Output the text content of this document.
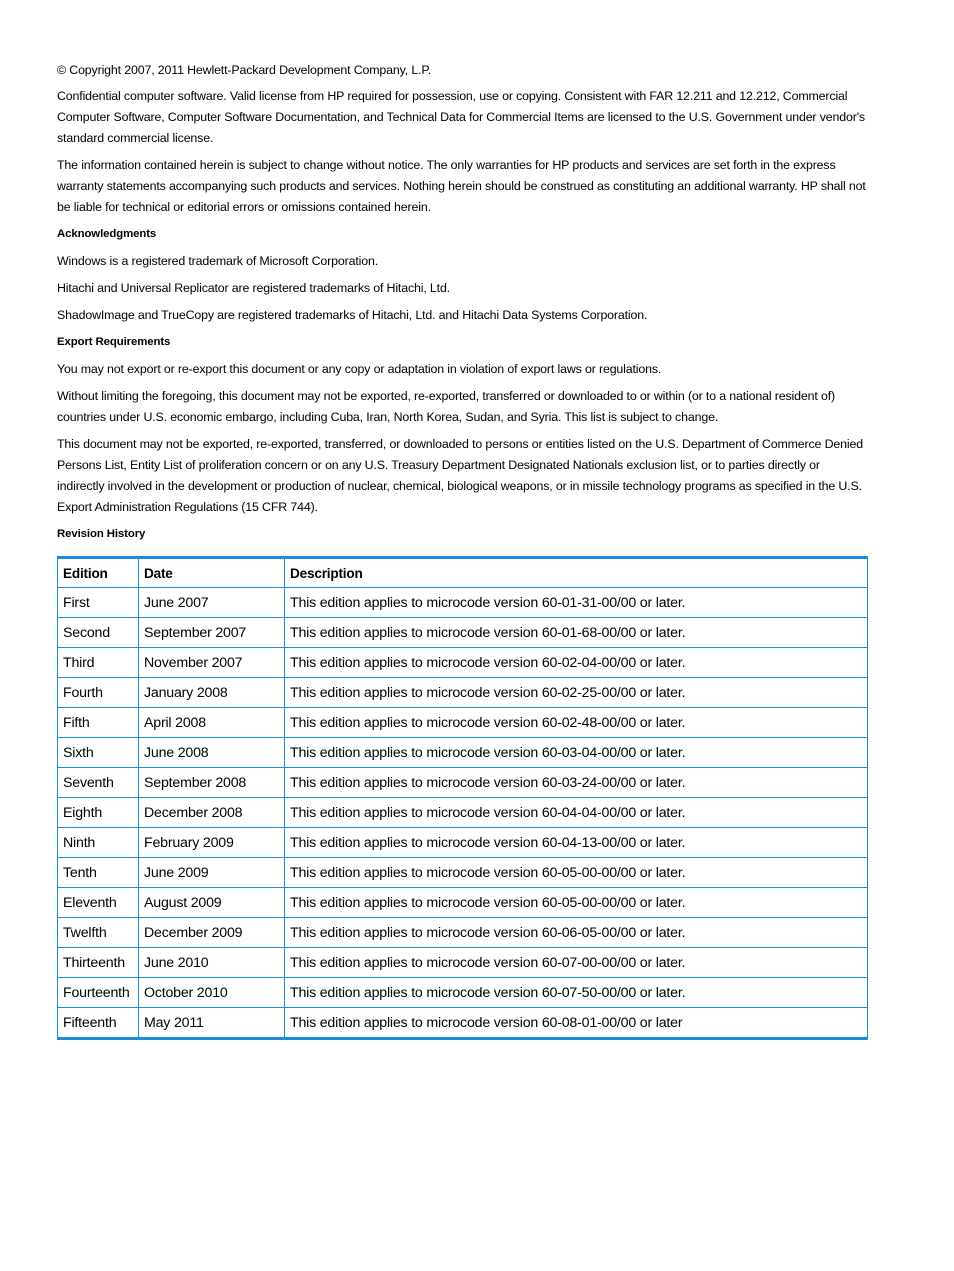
© Copyright 2007, 2011 Hewlett-Packard Development Company, L.P.

Confidential computer software. Valid license from HP required for possession, use or copying. Consistent with FAR 12.211 and 12.212, Commercial Computer Software, Computer Software Documentation, and Technical Data for Commercial Items are licensed to the U.S. Government under vendor's standard commercial license.

The information contained herein is subject to change without notice. The only warranties for HP products and services are set forth in the express warranty statements accompanying such products and services. Nothing herein should be construed as constituting an additional warranty. HP shall not be liable for technical or editorial errors or omissions contained herein.

Acknowledgments

Windows is a registered trademark of Microsoft Corporation.

Hitachi and Universal Replicator are registered trademarks of Hitachi, Ltd.

ShadowImage and TrueCopy are registered trademarks of Hitachi, Ltd. and Hitachi Data Systems Corporation.

Export Requirements

You may not export or re-export this document or any copy or adaptation in violation of export laws or regulations.

Without limiting the foregoing, this document may not be exported, re-exported, transferred or downloaded to or within (or to a national resident of) countries under U.S. economic embargo, including Cuba, Iran, North Korea, Sudan, and Syria. This list is subject to change.

This document may not be exported, re-exported, transferred, or downloaded to persons or entities listed on the U.S. Department of Commerce Denied Persons List, Entity List of proliferation concern or on any U.S. Treasury Department Designated Nationals exclusion list, or to parties directly or indirectly involved in the development or production of nuclear, chemical, biological weapons, or in missile technology programs as specified in the U.S. Export Administration Regulations (15 CFR 744).

Revision History
Edition	Date	Description
First	June 2007	This edition applies to microcode version 60-01-31-00/00 or later.
Second	September 2007	This edition applies to microcode version 60-01-68-00/00 or later.
Third	November 2007	This edition applies to microcode version 60-02-04-00/00 or later.
Fourth	January 2008	This edition applies to microcode version 60-02-25-00/00 or later.
Fifth	April 2008	This edition applies to microcode version 60-02-48-00/00 or later.
Sixth	June 2008	This edition applies to microcode version 60-03-04-00/00 or later.
Seventh	September 2008	This edition applies to microcode version 60-03-24-00/00 or later.
Eighth	December 2008	This edition applies to microcode version 60-04-04-00/00 or later.
Ninth	February 2009	This edition applies to microcode version 60-04-13-00/00 or later.
Tenth	June 2009	This edition applies to microcode version 60-05-00-00/00 or later.
Eleventh	August 2009	This edition applies to microcode version 60-05-00-00/00 or later.
Twelfth	December 2009	This edition applies to microcode version 60-06-05-00/00 or later.
Thirteenth	June 2010	This edition applies to microcode version 60-07-00-00/00 or later.
Fourteenth	October 2010	This edition applies to microcode version 60-07-50-00/00 or later.
Fifteenth	May 2011	This edition applies to microcode version 60-08-01-00/00 or later
